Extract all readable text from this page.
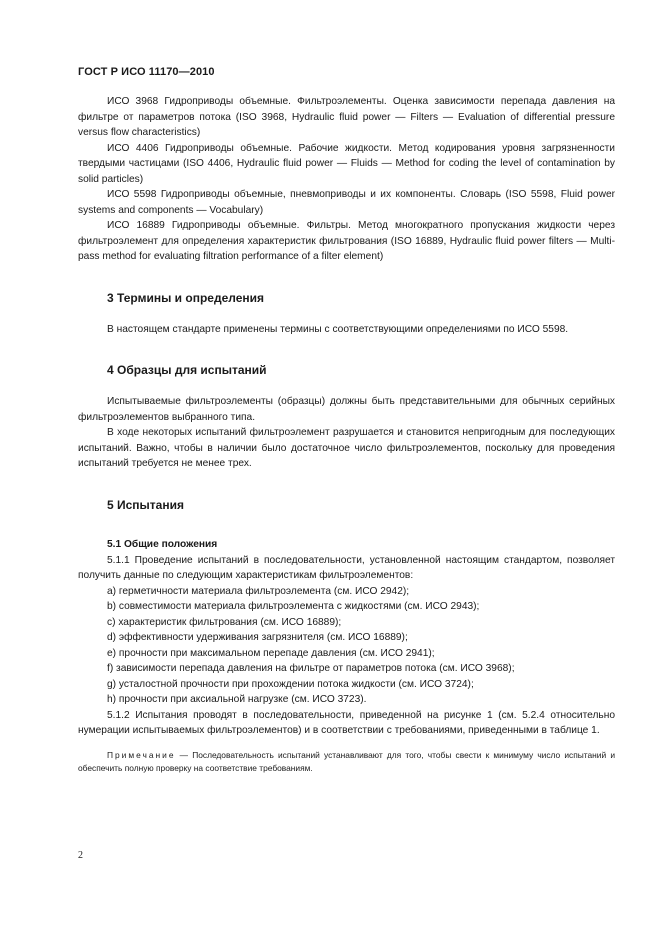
ГОСТ Р ИСО 11170—2010

ИСО 3968 Гидроприводы объемные. Фильтроэлементы. Оценка зависимости перепада давления на фильтре от параметров потока (ISO 3968, Hydraulic fluid power — Filters — Evaluation of differential pressure versus flow characteristics)

ИСО 4406 Гидроприводы объемные. Рабочие жидкости. Метод кодирования уровня загрязненности твердыми частицами (ISO 4406, Hydraulic fluid power — Fluids — Method for coding the level of contamination by solid particles)

ИСО 5598 Гидроприводы объемные, пневмоприводы и их компоненты. Словарь (ISO 5598, Fluid power systems and components — Vocabulary)

ИСО 16889 Гидроприводы объемные. Фильтры. Метод многократного пропускания жидкости через фильтроэлемент для определения характеристик фильтрования (ISO 16889, Hydraulic fluid power filters — Multi-pass method for evaluating filtration performance of a filter element)

3 Термины и определения

В настоящем стандарте применены термины с соответствующими определениями по ИСО 5598.

4 Образцы для испытаний

Испытываемые фильтроэлементы (образцы) должны быть представительными для обычных серийных фильтроэлементов выбранного типа.

В ходе некоторых испытаний фильтроэлемент разрушается и становится непригодным для последующих испытаний. Важно, чтобы в наличии было достаточное число фильтроэлементов, поскольку для проведения испытаний требуется не менее трех.

5 Испытания
5.1 Общие положения

5.1.1 Проведение испытаний в последовательности, установленной настоящим стандартом, позволяет получить данные по следующим характеристикам фильтроэлементов:

a) герметичности материала фильтроэлемента (см. ИСО 2942);

b) совместимости материала фильтроэлемента с жидкостями (см. ИСО 2943);

c) характеристик фильтрования (см. ИСО 16889);

d) эффективности удерживания загрязнителя (см. ИСО 16889);

e) прочности при максимальном перепаде давления (см. ИСО 2941);

f) зависимости перепада давления на фильтре от параметров потока (см. ИСО 3968);

g) усталостной прочности при прохождении потока жидкости (см. ИСО 3724);

h) прочности при аксиальной нагрузке (см. ИСО 3723).

5.1.2 Испытания проводят в последовательности, приведенной на рисунке 1 (см. 5.2.4 относительно нумерации испытываемых фильтроэлементов) и в соответствии с требованиями, приведенными в таблице 1.

Примечание — Последовательность испытаний устанавливают для того, чтобы свести к минимуму число испытаний и обеспечить полную проверку на соответствие требованиям.

2
